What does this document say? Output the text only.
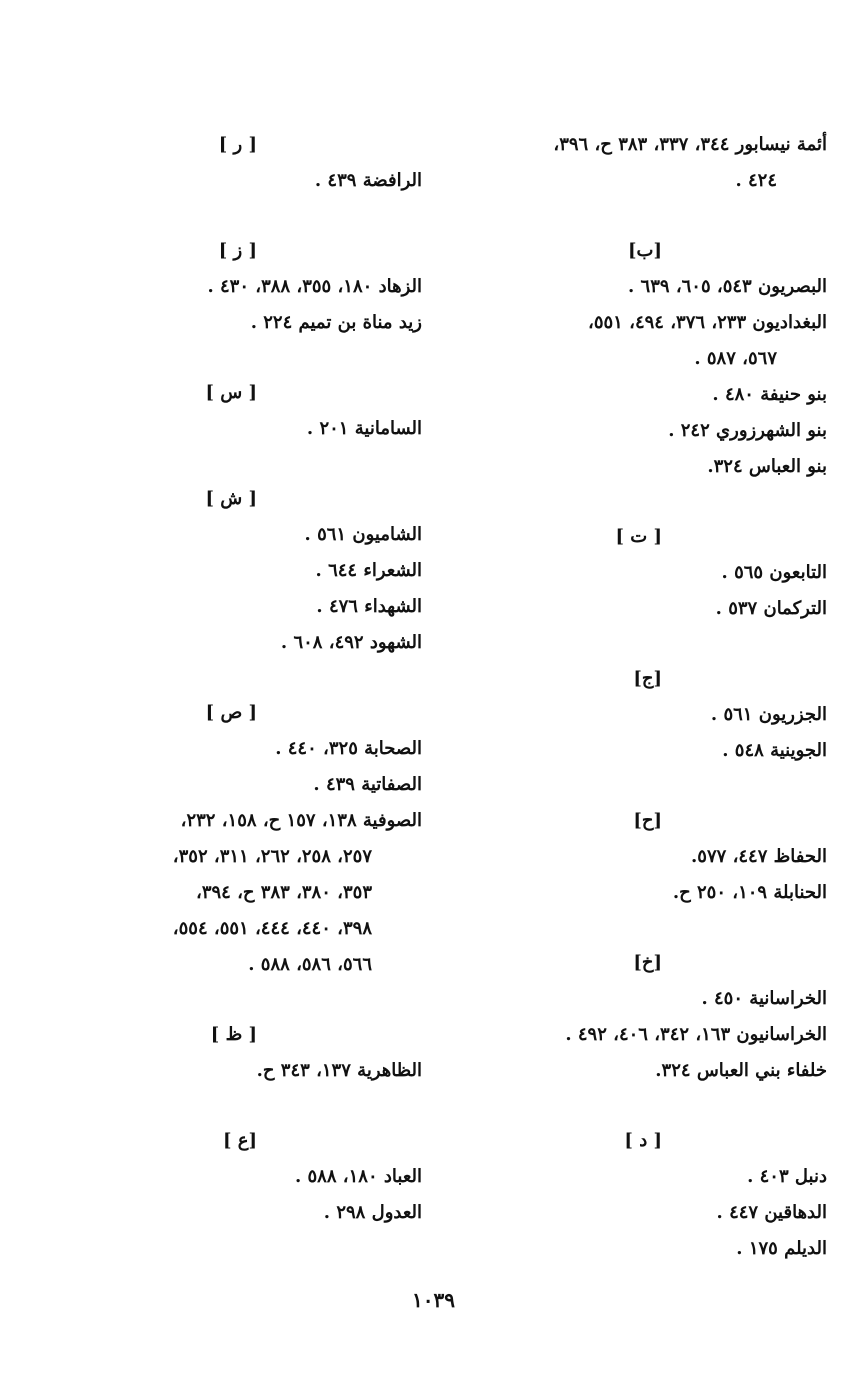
أئمة نيسابور ٣٤٤، ٣٣٧، ٣٨٣ ح، ٣٩٦،
٤٢٤ .
[ب]
البصريون ٥٤٣، ٦٠٥، ٦٣٩ .
البغداديون ٢٣٣، ٣٧٦، ٤٩٤، ٥٥١،
٥٦٧، ٥٨٧ .
بنو حنيفة ٤٨٠ .
بنو الشهرزوري ٢٤٢ .
بنو العباس ٣٢٤.
[ ت ]
التابعون ٥٦٥ .
التركمان ٥٣٧ .
[ج]
الجزريون ٥٦١ .
الجوينية ٥٤٨ .
[ح]
الحفاظ ٤٤٧، ٥٧٧.
الحنابلة ١٠٩، ٢٥٠ ح.
[خ]
الخراسانية ٤٥٠ .
الخراسانيون ١٦٣، ٣٤٢، ٤٠٦، ٤٩٢ .
خلفاء بني العباس ٣٢٤.
[ د ]
دنبل ٤٠٣ .
الدهاقين ٤٤٧ .
الديلم ١٧٥ .
[ ر ]
الرافضة ٤٣٩ .
[ ز ]
الزهاد ١٨٠، ٣٥٥، ٣٨٨، ٤٣٠ .
زيد مناة بن تميم ٢٢٤ .
[ س ]
السامانية ٢٠١ .
[ ش ]
الشاميون ٥٦١ .
الشعراء ٦٤٤ .
الشهداء ٤٧٦ .
الشهود ٤٩٢، ٦٠٨ .
[ ص ]
الصحابة ٣٢٥، ٤٤٠ .
الصفاتية ٤٣٩ .
الصوفية ١٣٨، ١٥٧ ح، ١٥٨، ٢٣٢،
٢٥٧، ٢٥٨، ٢٦٢، ٣١١، ٣٥٢،
٣٥٣، ٣٨٠، ٣٨٣ ح، ٣٩٤،
٣٩٨، ٤٤٠، ٤٤٤، ٥٥١، ٥٥٤،
٥٦٦، ٥٨٦، ٥٨٨ .
[ ظ ]
الظاهرية ١٣٧، ٣٤٣ ح.
[ع ]
العباد ١٨٠، ٥٨٨ .
العدول ٢٩٨ .
١٠٣٩
